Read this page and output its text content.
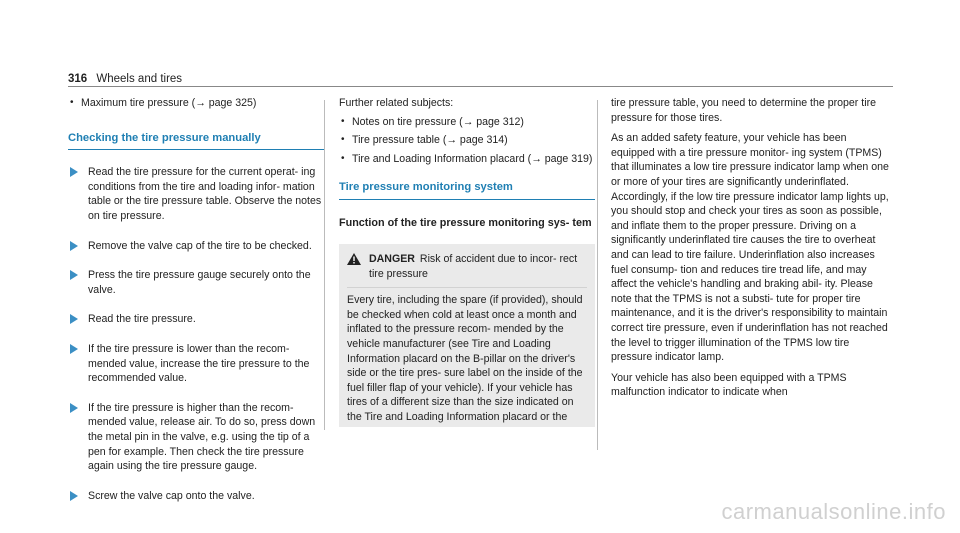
316 Wheels and tires
• Maximum tire pressure (→ page 325)
Checking the tire pressure manually
Read the tire pressure for the current operat- ing conditions from the tire and loading infor- mation table or the tire pressure table. Observe the notes on tire pressure.
Remove the valve cap of the tire to be checked.
Press the tire pressure gauge securely onto the valve.
Read the tire pressure.
If the tire pressure is lower than the recom- mended value, increase the tire pressure to the recommended value.
If the tire pressure is higher than the recom- mended value, release air. To do so, press down the metal pin in the valve, e.g. using the tip of a pen for example. Then check the tire pressure again using the tire pressure gauge.
Screw the valve cap onto the valve.
Further related subjects:
• Notes on tire pressure (→ page 312)
• Tire pressure table (→ page 314)
• Tire and Loading Information placard (→ page 319)
Tire pressure monitoring system
Function of the tire pressure monitoring sys- tem
DANGER Risk of accident due to incor- rect tire pressure
Every tire, including the spare (if provided), should be checked when cold at least once a month and inflated to the pressure recom- mended by the vehicle manufacturer (see Tire and Loading Information placard on the B-pillar on the driver's side or the tire pres- sure label on the inside of the fuel filler flap of your vehicle). If your vehicle has tires of a different size than the size indicated on the Tire and Loading Information placard or the

tire pressure table, you need to determine the proper tire pressure for those tires.

As an added safety feature, your vehicle has been equipped with a tire pressure monitor- ing system (TPMS) that illuminates a low tire pressure indicator lamp when one or more of your tires are significantly underinflated. Accordingly, if the low tire pressure indicator lamp lights up, you should stop and check your tires as soon as possible, and inflate them to the proper pressure. Driving on a significantly underinflated tire causes the tire to overheat and can lead to tire failure. Underinflation also increases fuel consump- tion and reduces tire tread life, and may affect the vehicle's handling and braking abil- ity. Please note that the TPMS is not a substi- tute for proper tire maintenance, and it is the driver's responsibility to maintain correct tire pressure, even if underinflation has not reached the level to trigger illumination of the TPMS low tire pressure indicator lamp.

Your vehicle has also been equipped with a TPMS malfunction indicator to indicate when

carmanualsonline.info
